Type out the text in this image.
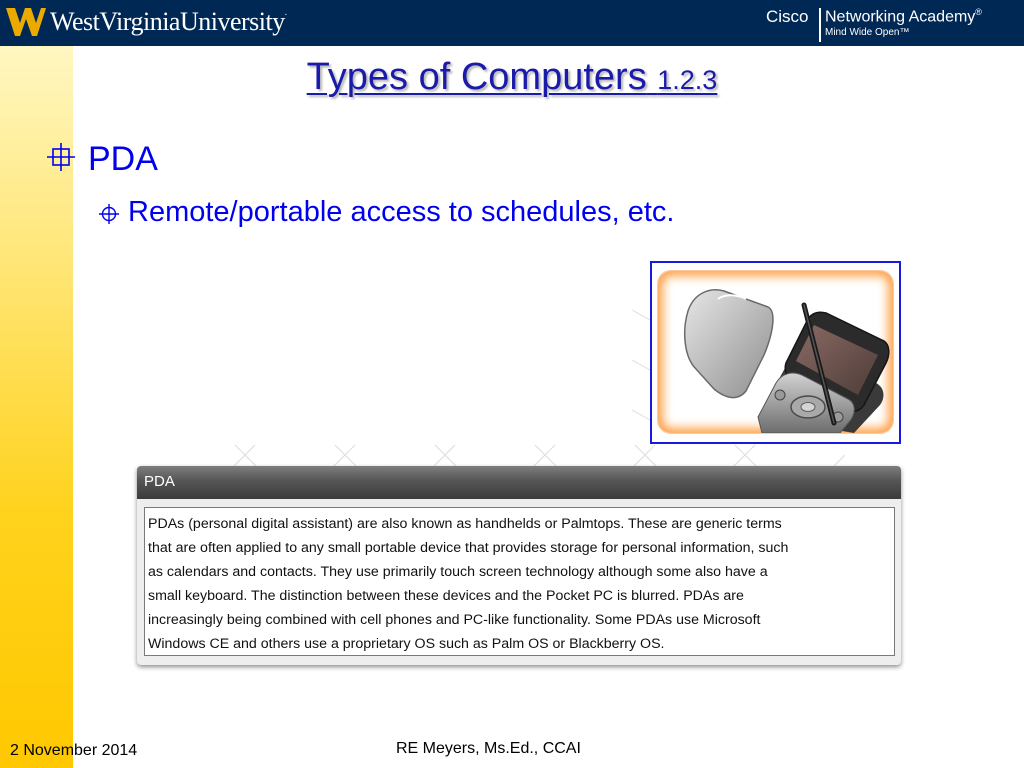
WestVirginiaUniversity.	Cisco Networking Academy®
Mind Wide Open™
Types of Computers 1.2.3
PDA
Remote/portable access to schedules, etc.
PDA
PDAs (personal digital assistant) are also known as handhelds or Palmtops. These are generic terms
that are often applied to any small portable device that provides storage for personal information, such
as calendars and contacts. They use primarily touch screen technology although some also have a
small keyboard. The distinction between these devices and the Pocket PC is blurred. PDAs are
increasingly being combined with cell phones and PC-like functionality. Some PDAs use Microsoft
Windows CE and others use a proprietary OS such as Palm OS or Blackberry OS.
2 November 2014	RE Meyers, Ms.Ed., CCAI
